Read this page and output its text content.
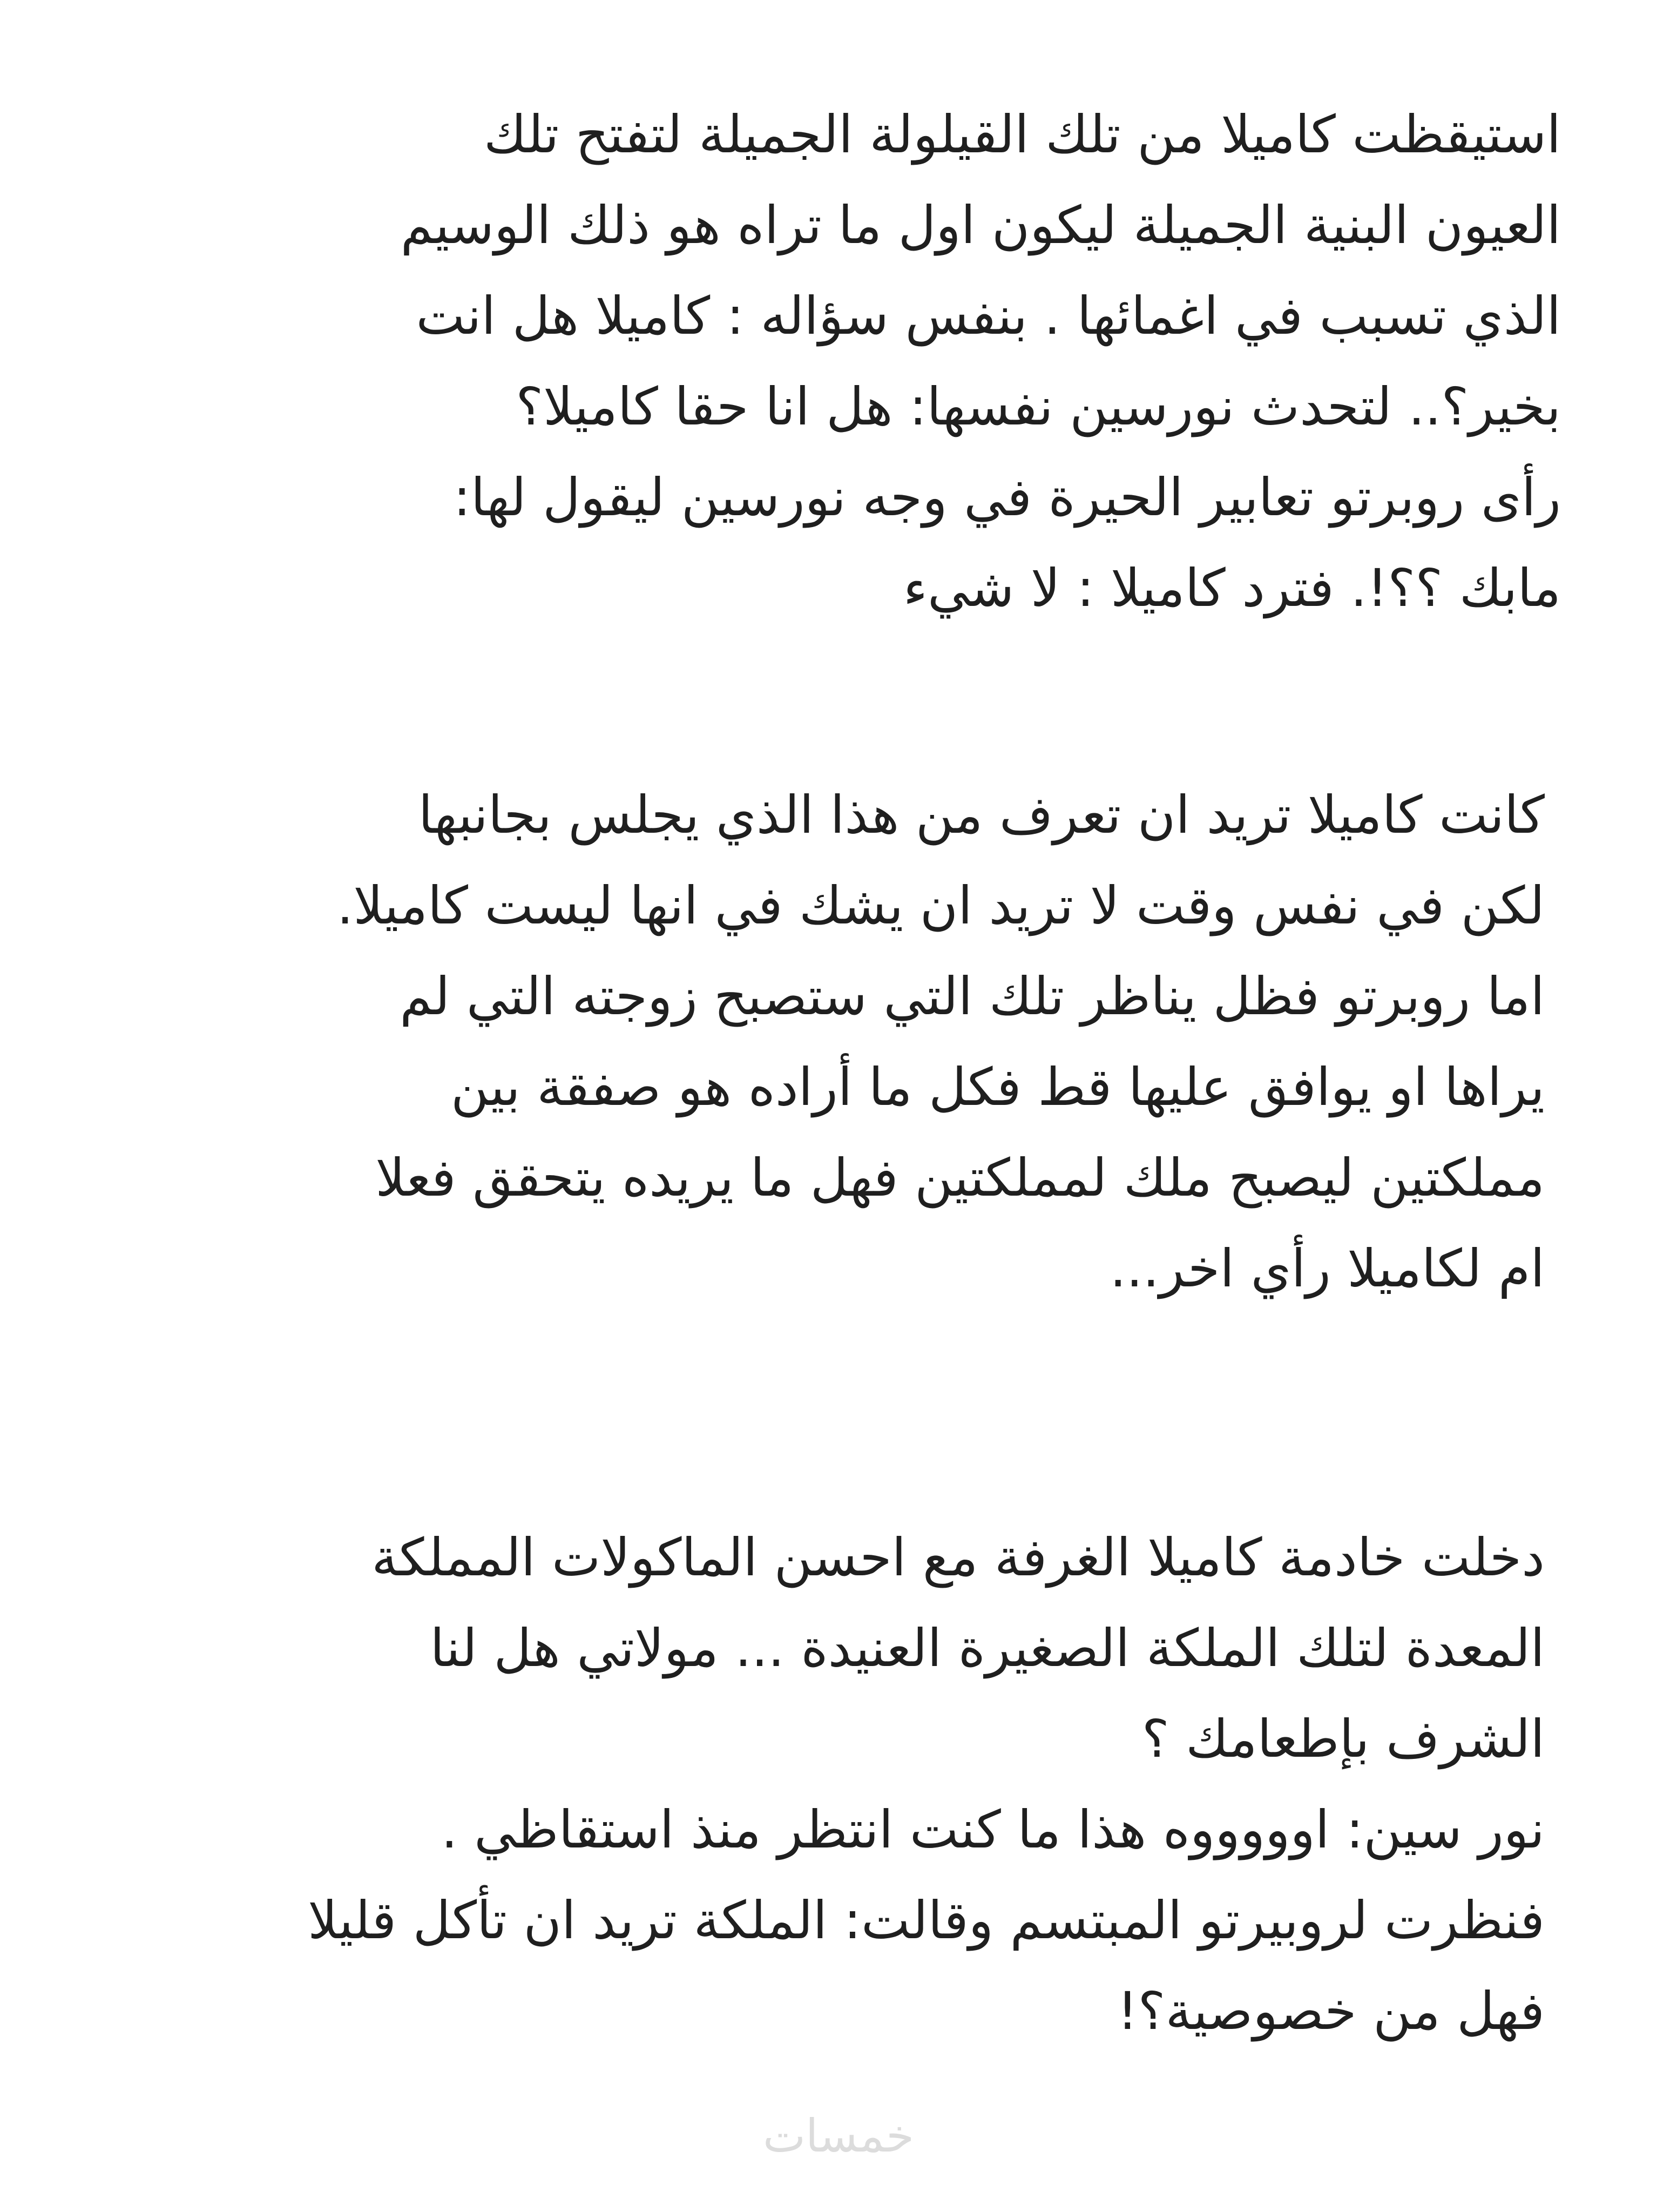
استيقظت كاميلا من تلك القيلولة الجميلة لتفتح تلك
العيون البنية الجميلة ليكون اول ما تراه هو ذلك الوسيم
الذي تسبب في اغمائها . بنفس سؤاله : كاميلا هل انت
بخير؟.. لتحدث نورسين نفسها: هل انا حقا كاميلا؟
رأى روبرتو تعابير الحيرة في وجه نورسين ليقول لها:
مابك ؟؟!. فترد كاميلا : لا شيء
كانت كاميلا تريد ان تعرف من هذا الذي يجلس بجانبها
لكن في نفس وقت لا تريد ان يشك في انها ليست كاميلا.
اما روبرتو فظل يناظر تلك التي ستصبح زوجته التي لم
يراها او يوافق عليها قط فكل ما أراده هو صفقة بين
مملكتين ليصبح ملك لمملكتين فهل ما يريده يتحقق فعلا
ام لكاميلا رأي اخر...
دخلت خادمة كاميلا الغرفة مع احسن الماكولات المملكة
المعدة لتلك الملكة الصغيرة العنيدة ... مولاتي هل لنا
الشرف بإطعامك ؟
نور سين: اوووووه هذا ما كنت انتظر منذ استقاظي .
فنظرت لروبيرتو المبتسم وقالت: الملكة تريد ان تأكل قليلا
فهل من خصوصية؟!
خمسات
